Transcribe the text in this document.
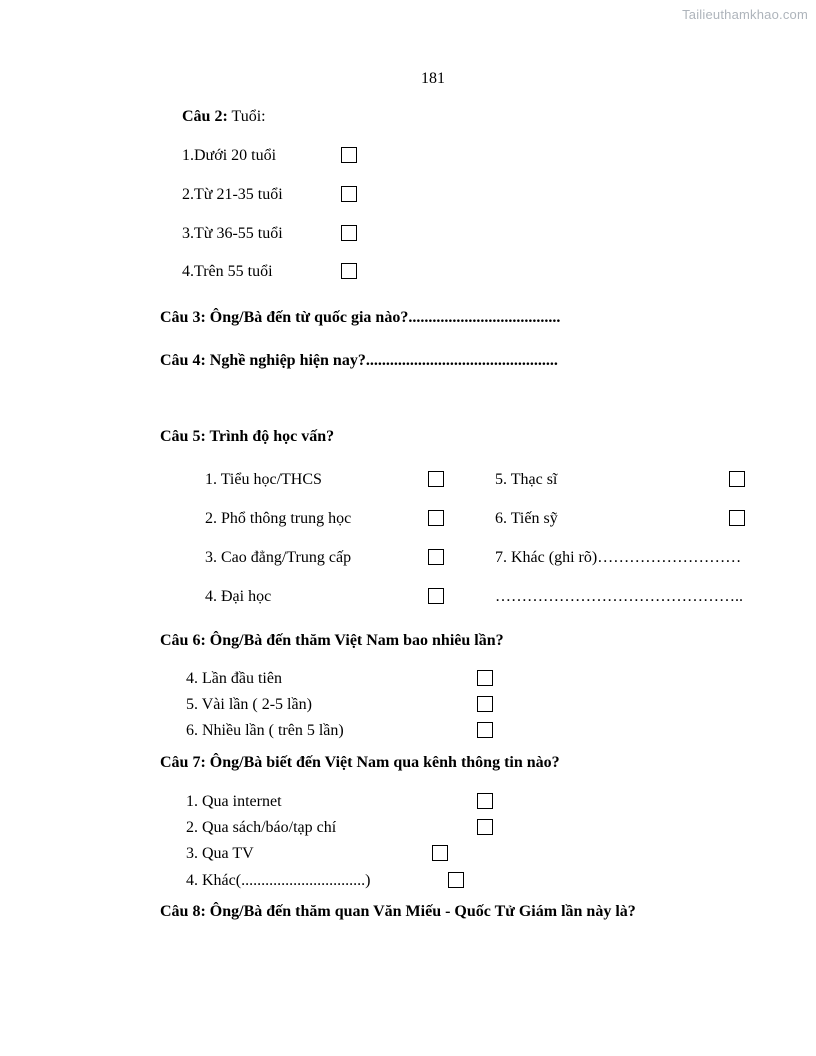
Tailieuthamkhao.com
181
Câu 2: Tuổi:
1.Dưới 20 tuổi
2.Từ 21-35 tuổi
3.Từ 36-55 tuổi
4.Trên 55 tuổi
Câu 3: Ông/Bà đến từ quốc gia nào?......................................
Câu 4: Nghề nghiệp hiện nay?................................................
Câu 5: Trình độ học vấn?
1. Tiểu học/THCS
2. Phổ thông trung học
3. Cao đẳng/Trung cấp
4. Đại học
5. Thạc sĩ
6. Tiến sỹ
7. Khác (ghi rõ)………………………
………………………………………..
Câu 6: Ông/Bà đến thăm Việt Nam bao nhiêu lần?
4. Lần đầu tiên
5. Vài lần ( 2-5 lần)
6. Nhiều lần ( trên 5 lần)
Câu 7: Ông/Bà biết đến Việt Nam qua kênh thông tin nào?
1. Qua internet
2. Qua sách/báo/tạp chí
3. Qua TV
4. Khác(...............................)
Câu 8: Ông/Bà đến thăm quan Văn Miếu - Quốc Tử Giám lần này là?
